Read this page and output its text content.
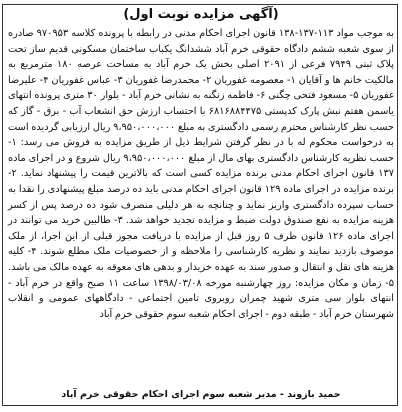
(آگهی مزایده نوبت اول)
به موجب مواد ۱۱۳-۱۳۷-۱۳۸ قانون اجرای احکام مدنی در رابطه با پرونده کلاسه ۹۷۰۹۵۳ صادره از سوی شعبه ششم دادگاه حقوقی خرم آباد ششدانگ یکباب ساختمان مسکونی قدیم ساز تحت پلاک ثبتی ۷۹۴۹ فرعی از ۲۰۹۱ اصلی بخش یک خرم آباد به مساحت عرصه ۱۸۰ مترمربع به مالکیت خانم ها و آقایان ۱- معصومه غفوریان ۲- محمدرضا غفوریان ۳- عباس غفوریان ۴- علیرضا غفوریان ۵- مسعود فتحی چگنی ۶- فاطمه زنگنه به نشانی خرم آباد - بلوار ۳۰ متری پرونده انتهای یاسمن هفتم نبش پارک کدپستی ۶۸۱۶۸۸۴۴۷۵ با احتساب ارزش حق انشعاب آب - برق - گاز که حسب نظر کارشناس محترم رسمی دادگستری به مبلغ ۹،۹۵۰،۰۰۰،۰۰۰ ریال ارزیابی گردیده است به درخواست محکوم له با در نظر گرفتن شرایط ذیل از طریق مزایده به فروش می رسد: ۱- حسب نظریه کارشناس دادگستری بهای مال از مبلغ ۹،۹۵۰،۰۰۰،۰۰۰ ریال شروع و در اجرای ماده ۱۳۷ قانون اجرای احکام مدنی برنده مزایده کسی است که بالاترین قیمت را پیشنهاد نماید. ۲- برنده مزایده در اجرای ماده ۱۲۹ قانون اجرای احکام مدنی باید ده درصد مبلغ پیشنهادی را نقدا به حساب سپرده دادگستری واریز نماید و چنانچه به هر دلیلی منصرف شود ده درصد پس از کسر هزینه مزایده به نفع صندوق دولت ضبط و مزایده تجدید خواهد شد. ۳- طالبین خرید می توانند در اجرای ماده ۱۲۶ قانون ظرف ۵ روز قبل از مزایده با دریافت مجوز قبلی از این اجرا، از ملک موصوف بازدید نمایند و نظریه کارشناسی را ملاحظه و از خصوصیات ملک مطلع شوند. ۴- کلیه هزینه های نقل و انتقال و صدور سند به عهده خریدار و بدهی های معوقه به عهده مالک می باشد. ۵- زمان و مکان مزایده: روز چهارشنبه مورخه ۱۳۹۸/۰۳/۰۸ ساعت ۱۱ صبح واقع در خرم آباد - انتهای بلوار سی متری شهید چمران روبروی تامین اجتماعی - دادگاههای عمومی و انقلاب شهرستان خرم آباد - طبقه دوم - اجرای احکام شعبه سوم حقوقی خرم آباد
حمید بازوند - مدیر شعبه سوم اجرای احکام حقوقی خرم آباد
